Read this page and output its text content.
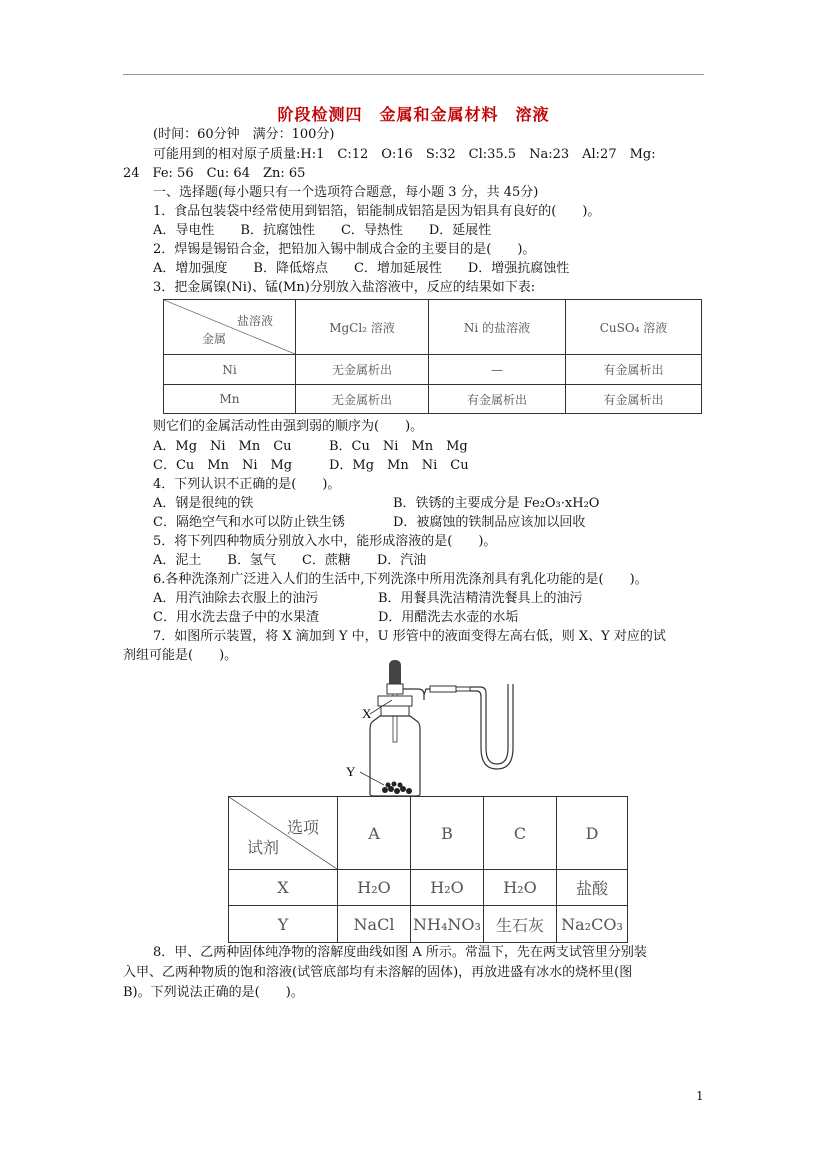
阶段检测四　金属和金属材料　溶液
(时间：60分钟　满分：100分)
可能用到的相对原子质量:H:1　C:12　O:16　S:32　Cl:35.5　Na:23　Al:27　Mg:
24　Fe: 56　Cu: 64　Zn: 65
一、选择题(每小题只有一个选项符合题意，每小题 3 分，共 45分)
1．食品包装袋中经常使用到铝箔，铝能制成铝箔是因为铝具有良好的(　　)。
A．导电性　　B．抗腐蚀性　　C．导热性　　D．延展性
2．焊锡是锡铅合金，把铅加入锡中制成合金的主要目的是(　　)。
A．增加强度　　B．降低熔点　　C．增加延展性　　D．增强抗腐蚀性
3．把金属镍(Ni)、锰(Mn)分别放入盐溶液中，反应的结果如下表:
盐溶液
金属	MgCl₂ 溶液	Ni 的盐溶液	CuSO₄ 溶液
Ni	无金属析出	—	有金属析出
Mn	无金属析出	有金属析出	有金属析出
则它们的金属活动性由强到弱的顺序为(　　)。
A．Mg　Ni　Mn　Cu	B．Cu　Ni　Mn　Mg
C．Cu　Mn　Ni　Mg	D．Mg　Mn　Ni　Cu
4．下列认识不正确的是(　　)。
A．钢是很纯的铁	B．铁锈的主要成分是 Fe₂O₃·xH₂O
C．隔绝空气和水可以防止铁生锈	D．被腐蚀的铁制品应该加以回收
5．将下列四种物质分别放入水中，能形成溶液的是(　　)。
A．泥土　　B．氢气　　C．蔗糖　　D．汽油
6.各种洗涤剂广泛进入人们的生活中,下列洗涤中所用洗涤剂具有乳化功能的是(　　)。
A．用汽油除去衣服上的油污	B．用餐具洗洁精清洗餐具上的油污
C．用水洗去盘子中的水果渣	D．用醋洗去水壶的水垢
7．如图所示装置，将 X 滴加到 Y 中，U 形管中的液面变得左高右低，则 X、Y 对应的试
剂组可能是(　　)。
X
Y
选项
试剂	A	B	C	D
X	H₂O	H₂O	H₂O	盐酸
Y	NaCl	NH₄NO₃	生石灰	Na₂CO₃
8．甲、乙两种固体纯净物的溶解度曲线如图 A 所示。常温下，先在两支试管里分别装
入甲、乙两种物质的饱和溶液(试管底部均有未溶解的固体)，再放进盛有冰水的烧杯里(图
B)。下列说法正确的是(　　)。
1
